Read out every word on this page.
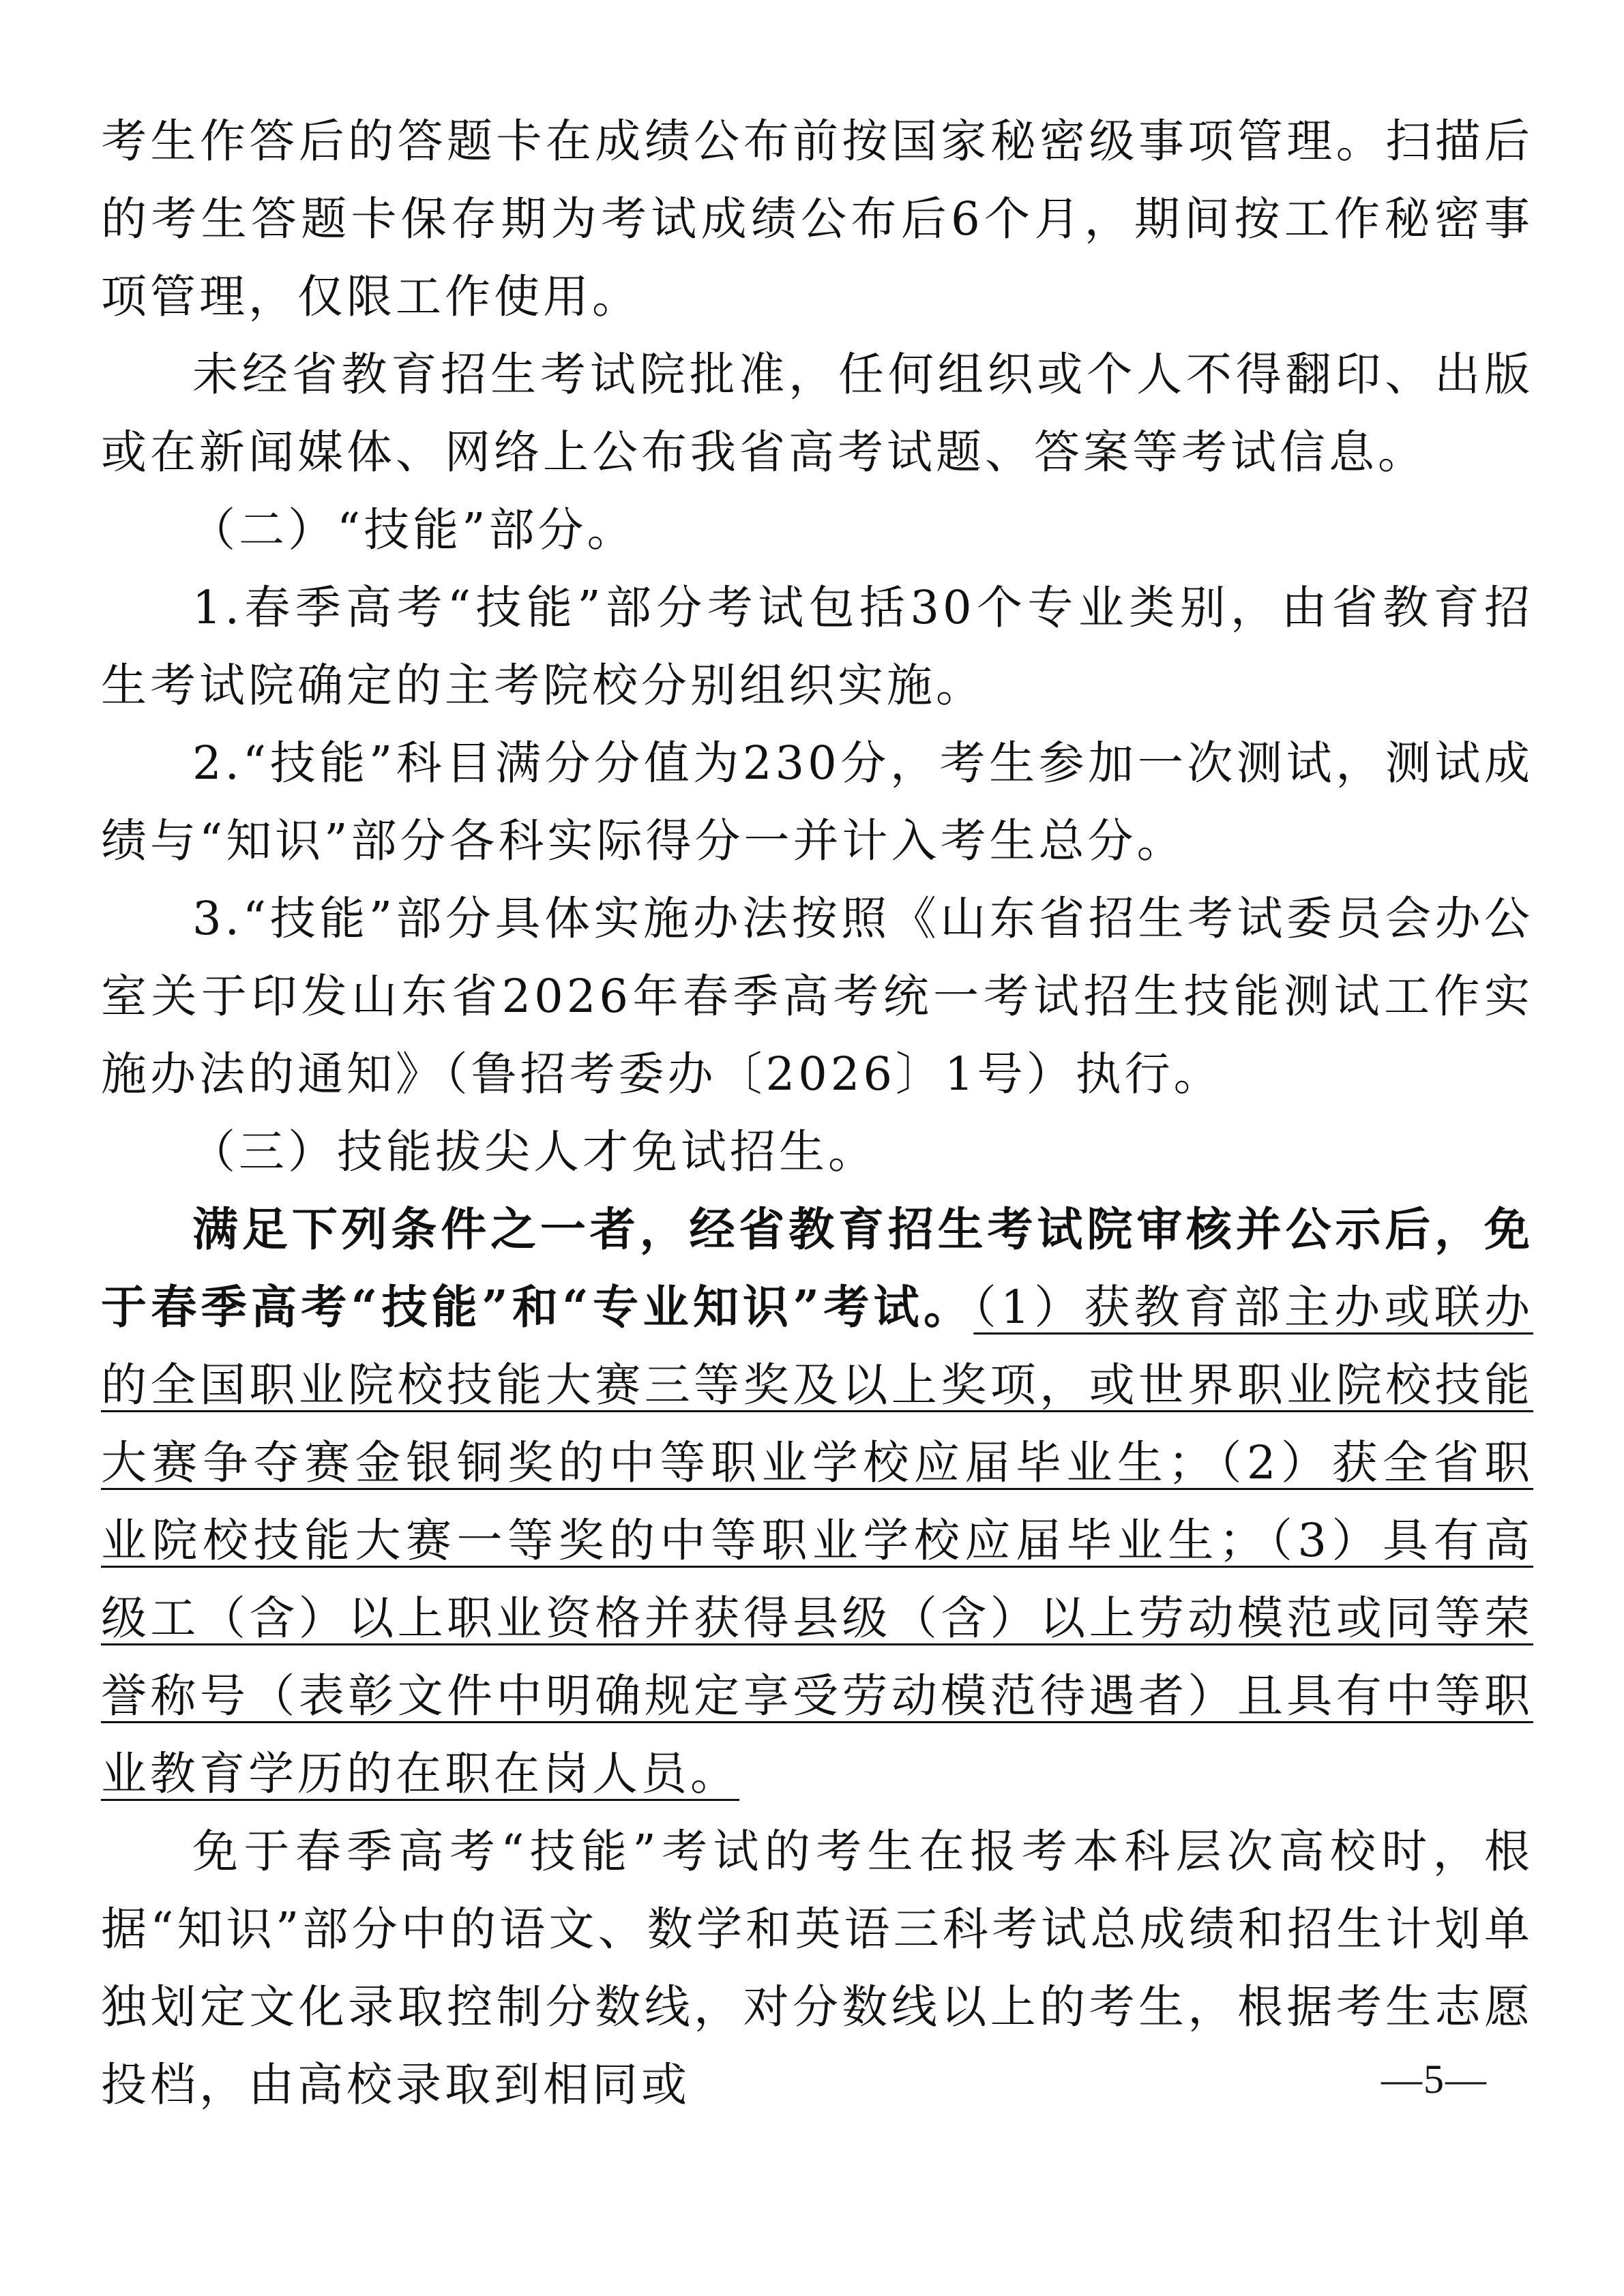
考生作答后的答题卡在成绩公布前按国家秘密级事项管理。扫描后的考生答题卡保存期为考试成绩公布后6个月，期间按工作秘密事项管理，仅限工作使用。

未经省教育招生考试院批准，任何组织或个人不得翻印、出版或在新闻媒体、网络上公布我省高考试题、答案等考试信息。

（二）“技能”部分。

1.春季高考“技能”部分考试包括30个专业类别，由省教育招生考试院确定的主考院校分别组织实施。

2.“技能”科目满分分值为230分，考生参加一次测试，测试成绩与“知识”部分各科实际得分一并计入考生总分。

3.“技能”部分具体实施办法按照《山东省招生考试委员会办公室关于印发山东省2026年春季高考统一考试招生技能测试工作实施办法的通知》（鲁招考委办〔2026〕1号）执行。

（三）技能拔尖人才免试招生。

满足下列条件之一者，经省教育招生考试院审核并公示后，免于春季高考“技能”和“专业知识”考试。（1）获教育部主办或联办的全国职业院校技能大赛三等奖及以上奖项，或世界职业院校技能大赛争夺赛金银铜奖的中等职业学校应届毕业生；（2）获全省职业院校技能大赛一等奖的中等职业学校应届毕业生；（3）具有高级工（含）以上职业资格并获得县级（含）以上劳动模范或同等荣誉称号（表彰文件中明确规定享受劳动模范待遇者）且具有中等职业教育学历的在职在岗人员。

免于春季高考“技能”考试的考生在报考本科层次高校时，根据“知识”部分中的语文、数学和英语三科考试总成绩和招生计划单独划定文化录取控制分数线，对分数线以上的考生，根据考生志愿投档，由高校录取到相同或	—5—
